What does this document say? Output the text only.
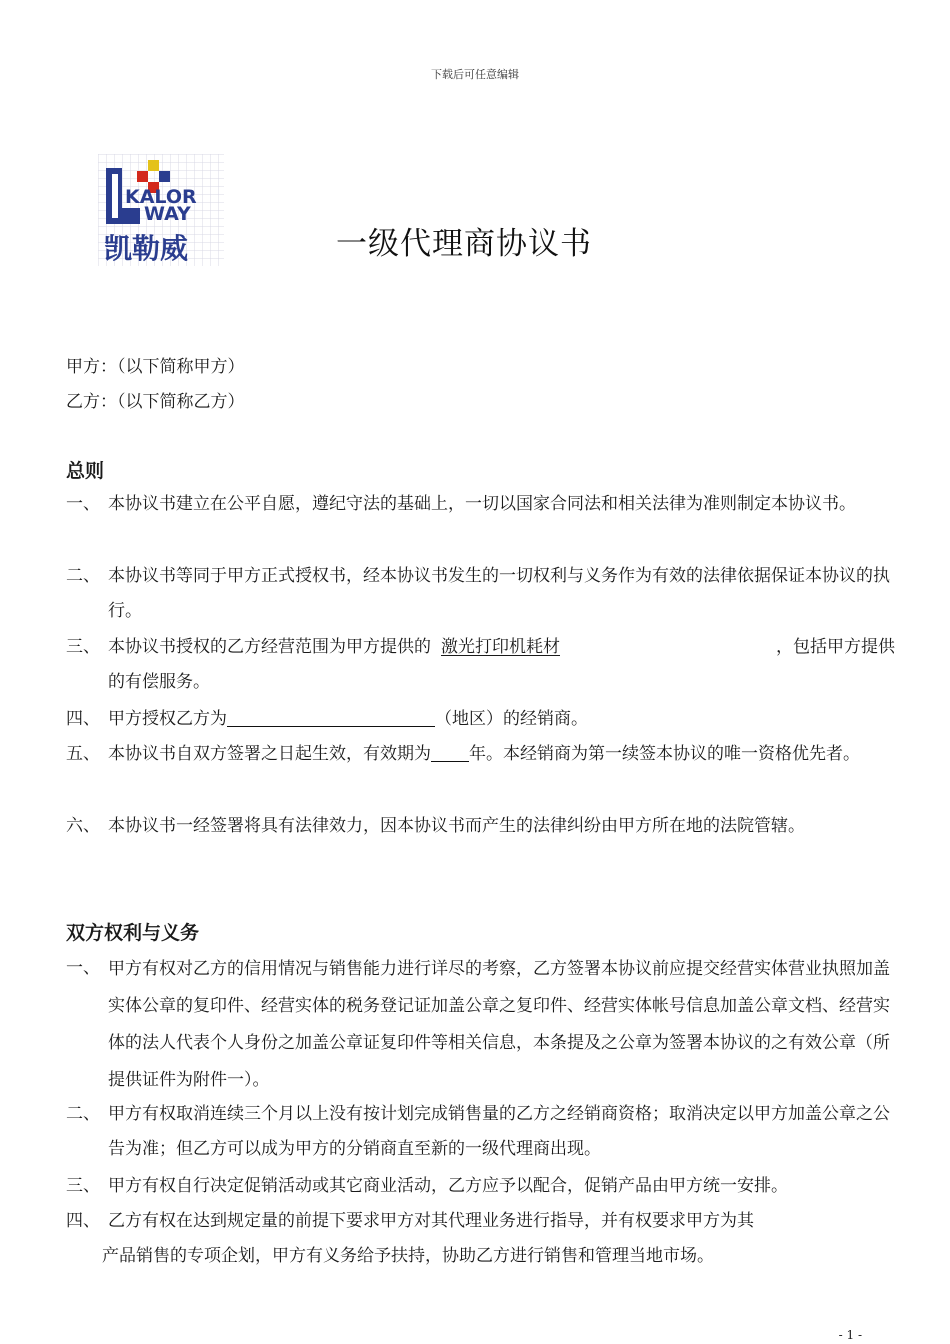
下载后可任意编辑
KALOR
WAY
凯勒威	一级代理商协议书
甲方：（以下简称甲方）
乙方：（以下简称乙方）
总则
一、 本协议书建立在公平自愿，遵纪守法的基础上，一切以国家合同法和相关法律为准则制定本协议书。
二、 本协议书等同于甲方正式授权书，经本协议书发生的一切权利与义务作为有效的法律依据保证本协议的执行。
三、 本协议书授权的乙方经营范围为甲方提供的 激光打印机耗材	，包括甲方提供的有偿服务。
四、 甲方授权乙方为	（地区）的经销商。
五、 本协议书自双方签署之日起生效，有效期为 年。本经销商为第一续签本协议的唯一资格优先者。
六、 本协议书一经签署将具有法律效力，因本协议书而产生的法律纠纷由甲方所在地的法院管辖。
双方权利与义务
一、 甲方有权对乙方的信用情况与销售能力进行详尽的考察，乙方签署本协议前应提交经营实体营业执照加盖实体公章的复印件、经营实体的税务登记证加盖公章之复印件、经营实体帐号信息加盖公章文档、经营实体的法人代表个人身份之加盖公章证复印件等相关信息，本条提及之公章为签署本协议的之有效公章（所提供证件为附件一）。
二、 甲方有权取消连续三个月以上没有按计划完成销售量的乙方之经销商资格；取消决定以甲方加盖公章之公告为准；但乙方可以成为甲方的分销商直至新的一级代理商出现。
三、 甲方有权自行决定促销活动或其它商业活动，乙方应予以配合，促销产品由甲方统一安排。
四、 乙方有权在达到规定量的前提下要求甲方对其代理业务进行指导，并有权要求甲方为其
产品销售的专项企划，甲方有义务给予扶持，协助乙方进行销售和管理当地市场。
- 1 -
